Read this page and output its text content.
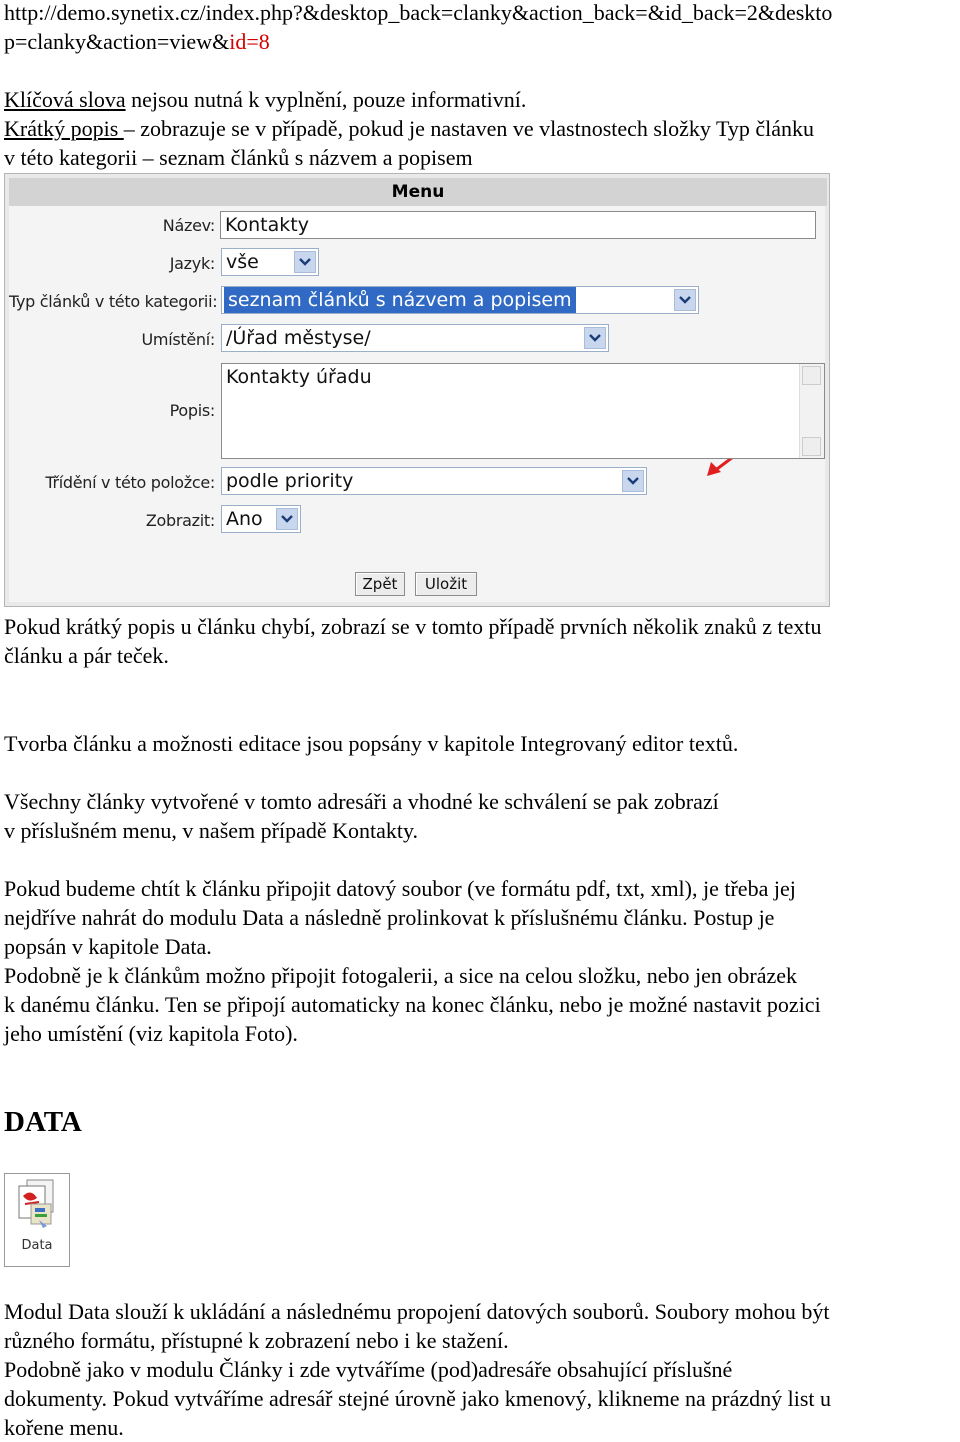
http://demo.synetix.cz/index.php?&desktop_back=clanky&action_back=&id_back=2&deskto
p=clanky&action=view&id=8
Klíčová slova nejsou nutná k vyplnění, pouze informativní.
Krátký popis – zobrazuje se v případě, pokud je nastaven ve vlastnostech složky Typ článku
v této kategorii – seznam článků s názvem a popisem
Menu
Název: Kontakty
Jazyk: vše
Typ článků v této kategorii: seznam článků s názvem a popisem
Umístění: /Úřad městyse/
Popis:
Kontakty úřadu
Třídění v této položce: podle priority
Zobrazit: Ano
Zpět	Uložit
Pokud krátký popis u článku chybí, zobrazí se v tomto případě prvních několik znaků z textu
článku a pár teček.
Tvorba článku a možnosti editace jsou popsány v kapitole Integrovaný editor textů.
Všechny články vytvořené v tomto adresáři a vhodné ke schválení se pak zobrazí
v příslušném menu, v našem případě Kontakty.
Pokud budeme chtít k článku připojit datový soubor (ve formátu pdf, txt, xml), je třeba jej
nejdříve nahrát do modulu Data a následně prolinkovat k příslušnému článku. Postup je
popsán v kapitole Data.
Podobně je k článkům možno připojit fotogalerii, a sice na celou složku, nebo jen obrázek
k danému článku. Ten se připojí automaticky na konec článku, nebo je možné nastavit pozici
jeho umístění (viz kapitola Foto).
DATA
Data
Modul Data slouží k ukládání a následnému propojení datových souborů. Soubory mohou být
různého formátu, přístupné k zobrazení nebo i ke stažení.
Podobně jako v modulu Články i zde vytváříme (pod)adresáře obsahující příslušné
dokumenty. Pokud vytváříme adresář stejné úrovně jako kmenový, klikneme na prázdný list u
kořene menu.
